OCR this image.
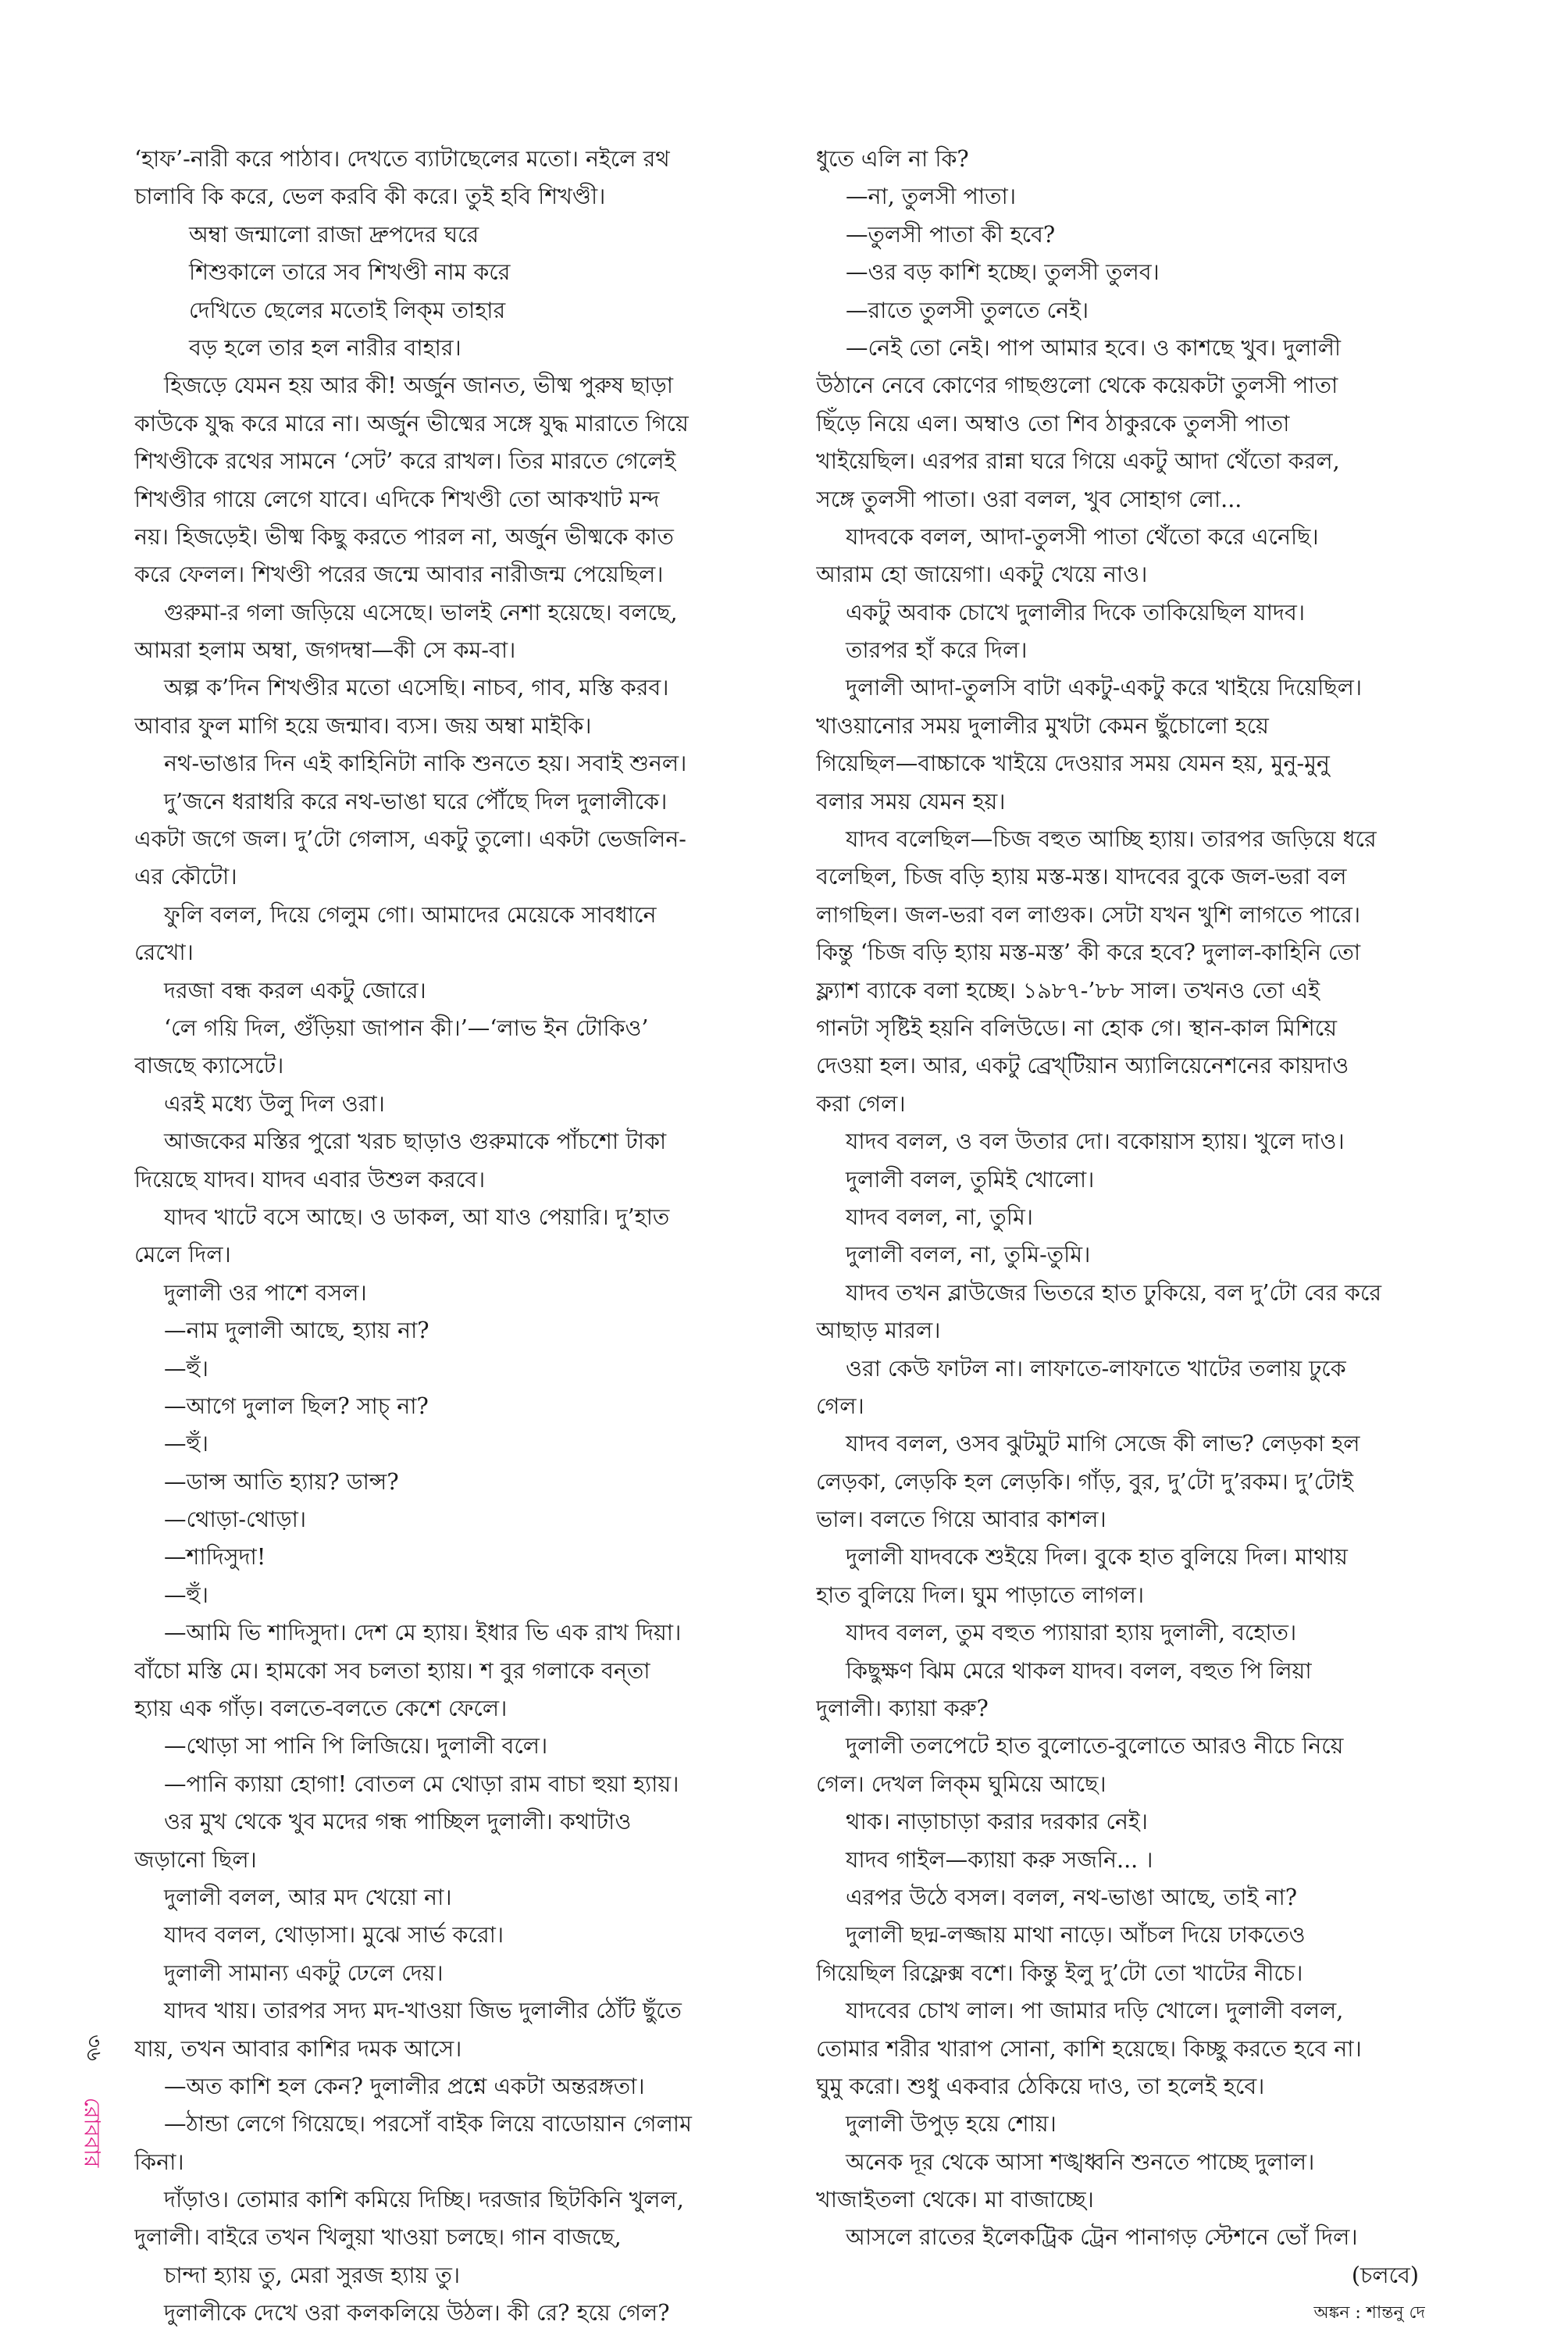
‘হাফ’-নারী করে পাঠাব। দেখতে ব্যাটাছেলের মতো। নইলে রথ
চালাবি কি করে, ভেল করবি কী করে। তুই হবি শিখণ্ডী।
অম্বা জন্মালো রাজা দ্রুপদের ঘরে
শিশুকালে তারে সব শিখণ্ডী নাম করে
দেখিতে ছেলের মতোই লিক্‌ম তাহার
বড় হলে তার হল নারীর বাহার।
হিজড়ে যেমন হয় আর কী! অর্জুন জানত, ভীষ্ম পুরুষ ছাড়া
কাউকে যুদ্ধ করে মারে না। অর্জুন ভীষ্মের সঙ্গে যুদ্ধ মারাতে গিয়ে
শিখণ্ডীকে রথের সামনে ‘সেট’ করে রাখল। তির মারতে গেলেই
শিখণ্ডীর গায়ে লেগে যাবে। এদিকে শিখণ্ডী তো আকখাট মন্দ
নয়। হিজড়েই। ভীষ্ম কিছু করতে পারল না, অর্জুন ভীষ্মকে কাত
করে ফেলল। শিখণ্ডী পরের জন্মে আবার নারীজন্ম পেয়েছিল।
গুরুমা-র গলা জড়িয়ে এসেছে। ভালই নেশা হয়েছে। বলছে,
আমরা হলাম অম্বা, জগদম্বা—কী সে কম-বা।
অল্প ক’দিন শিখণ্ডীর মতো এসেছি। নাচব, গাব, মস্তি করব।
আবার ফুল মাগি হয়ে জন্মাব। ব্যস। জয় অম্বা মাইকি।
নথ-ভাঙার দিন এই কাহিনিটা নাকি শুনতে হয়। সবাই শুনল।
দু’জনে ধরাধরি করে নথ-ভাঙা ঘরে পৌঁছে দিল দুলালীকে।
একটা জগে জল। দু’টো গেলাস, একটু তুলো। একটা ভেজলিন-
এর কৌটো।
ফুলি বলল, দিয়ে গেলুম গো। আমাদের মেয়েকে সাবধানে
রেখো।
দরজা বন্ধ করল একটু জোরে।
‘লে গয়ি দিল, গুঁড়িয়া জাপান কী।’—‘লাভ ইন টোকিও’
বাজছে ক্যাসেটে।
এরই মধ্যে উলু দিল ওরা।
আজকের মস্তির পুরো খরচ ছাড়াও গুরুমাকে পাঁচশো টাকা
দিয়েছে যাদব। যাদব এবার উশুল করবে।
যাদব খাটে বসে আছে। ও ডাকল, আ যাও পেয়ারি। দু’হাত
মেলে দিল।
দুলালী ওর পাশে বসল।
—নাম দুলালী আছে, হ্যায় না?
—হুঁ।
—আগে দুলাল ছিল? সাচ্‌ না?
—হুঁ।
—ডান্স আতি হ্যায়? ডান্স?
—থোড়া-থোড়া।
—শাদিসুদা!
—হুঁ।
—আমি ভি শাদিসুদা। দেশ মে হ্যায়। ইধার ভি এক রাখ দিয়া।
বাঁচো মস্তি মে। হামকো সব চলতা হ্যায়। শ বুর গলাকে বন্‌তা
হ্যায় এক গাঁড়। বলতে-বলতে কেশে ফেলে।
—থোড়া সা পানি পি লিজিয়ে। দুলালী বলে।
—পানি ক্যায়া হোগা! বোতল মে থোড়া রাম বাচা হুয়া হ্যায়।
ওর মুখ থেকে খুব মদের গন্ধ পাচ্ছিল দুলালী। কথাটাও
জড়ানো ছিল।
দুলালী বলল, আর মদ খেয়ো না।
যাদব বলল, থোড়াসা। মুঝে সার্ভ করো।
দুলালী সামান্য একটু ঢেলে দেয়।
যাদব খায়। তারপর সদ্য মদ-খাওয়া জিভ দুলালীর ঠোঁট ছুঁতে
যায়, তখন আবার কাশির দমক আসে।
—অত কাশি হল কেন? দুলালীর প্রশ্নে একটা অন্তরঙ্গতা।
—ঠান্ডা লেগে গিয়েছে। পরসোঁ বাইক লিয়ে বাডোয়ান গেলাম
কিনা।
দাঁড়াও। তোমার কাশি কমিয়ে দিচ্ছি। দরজার ছিটকিনি খুলল,
দুলালী। বাইরে তখন খিলুয়া খাওয়া চলছে। গান বাজছে,
চান্দা হ্যায় তু, মেরা সুরজ হ্যায় তু।
দুলালীকে দেখে ওরা কলকলিয়ে উঠল। কী রে? হয়ে গেল?
ধুতে এলি না কি?
—না, তুলসী পাতা।
—তুলসী পাতা কী হবে?
—ওর বড় কাশি হচ্ছে। তুলসী তুলব।
—রাতে তুলসী তুলতে নেই।
—নেই তো নেই। পাপ আমার হবে। ও কাশছে খুব। দুলালী
উঠানে নেবে কোণের গাছগুলো থেকে কয়েকটা তুলসী পাতা
ছিঁড়ে নিয়ে এল। অম্বাও তো শিব ঠাকুরকে তুলসী পাতা
খাইয়েছিল। এরপর রান্না ঘরে গিয়ে একটু আদা থেঁতো করল,
সঙ্গে তুলসী পাতা। ওরা বলল, খুব সোহাগ লো...
যাদবকে বলল, আদা-তুলসী পাতা থেঁতো করে এনেছি।
আরাম হো জায়েগা। একটু খেয়ে নাও।
একটু অবাক চোখে দুলালীর দিকে তাকিয়েছিল যাদব।
তারপর হাঁ করে দিল।
দুলালী আদা-তুলসি বাটা একটু-একটু করে খাইয়ে দিয়েছিল।
খাওয়ানোর সময় দুলালীর মুখটা কেমন ছুঁচোলো হয়ে
গিয়েছিল—বাচ্চাকে খাইয়ে দেওয়ার সময় যেমন হয়, মুনু-মুনু
বলার সময় যেমন হয়।
যাদব বলেছিল—চিজ বহুত আচ্ছি হ্যায়। তারপর জড়িয়ে ধরে
বলেছিল, চিজ বড়ি হ্যায় মস্ত-মস্ত। যাদবের বুকে জল-ভরা বল
লাগছিল। জল-ভরা বল লাগুক। সেটা যখন খুশি লাগতে পারে।
কিন্তু ‘চিজ বড়ি হ্যায় মস্ত-মস্ত’ কী করে হবে? দুলাল-কাহিনি তো
ফ্ল্যাশ ব্যাকে বলা হচ্ছে। ১৯৮৭-’৮৮ সাল। তখনও তো এই
গানটা সৃষ্টিই হয়নি বলিউডে। না হোক গে। স্থান-কাল মিশিয়ে
দেওয়া হল। আর, একটু ব্রেখ্‌টিয়ান অ্যালিয়েনেশনের কায়দাও
করা গেল।
যাদব বলল, ও বল উতার দো। বকোয়াস হ্যায়। খুলে দাও।
দুলালী বলল, তুমিই খোলো।
যাদব বলল, না, তুমি।
দুলালী বলল, না, তুমি-তুমি।
যাদব তখন ব্লাউজের ভিতরে হাত ঢুকিয়ে, বল দু’টো বের করে
আছাড় মারল।
ওরা কেউ ফাটল না। লাফাতে-লাফাতে খাটের তলায় ঢুকে
গেল।
যাদব বলল, ওসব ঝুটমুট মাগি সেজে কী লাভ? লেড়কা হল
লেড়কা, লেড়কি হল লেড়কি। গাঁড়, বুর, দু’টো দু’রকম। দু’টোই
ভাল। বলতে গিয়ে আবার কাশল।
দুলালী যাদবকে শুইয়ে দিল। বুকে হাত বুলিয়ে দিল। মাথায়
হাত বুলিয়ে দিল। ঘুম পাড়াতে লাগল।
যাদব বলল, তুম বহুত প্যায়ারা হ্যায় দুলালী, বহোত।
কিছুক্ষণ ঝিম মেরে থাকল যাদব। বলল, বহুত পি লিয়া
দুলালী। ক্যায়া করু?
দুলালী তলপেটে হাত বুলোতে-বুলোতে আরও নীচে নিয়ে
গেল। দেখল লিক্‌ম ঘুমিয়ে আছে।
থাক। নাড়াচাড়া করার দরকার নেই।
যাদব গাইল—ক্যায়া করু সজনি... ।
এরপর উঠে বসল। বলল, নথ-ভাঙা আছে, তাই না?
দুলালী ছদ্ম-লজ্জায় মাথা নাড়ে। আঁচল দিয়ে ঢাকতেও
গিয়েছিল রিফ্লেক্স বশে। কিন্তু ইলু দু’টো তো খাটের নীচে।
যাদবের চোখ লাল। পা জামার দড়ি খোলে। দুলালী বলল,
তোমার শরীর খারাপ সোনা, কাশি হয়েছে। কিচ্ছু করতে হবে না।
ঘুমু করো। শুধু একবার ঠেকিয়ে দাও, তা হলেই হবে।
দুলালী উপুড় হয়ে শোয়।
অনেক দূর থেকে আসা শঙ্খধ্বনি শুনতে পাচ্ছে দুলাল।
খাজাইতলা থেকে। মা বাজাচ্ছে।
আসলে রাতের ইলেকট্রিক ট্রেন পানাগড় স্টেশনে ভোঁ দিল।
(চলবে)
অঙ্কন : শান্তনু দে
৩৬
রোববার
